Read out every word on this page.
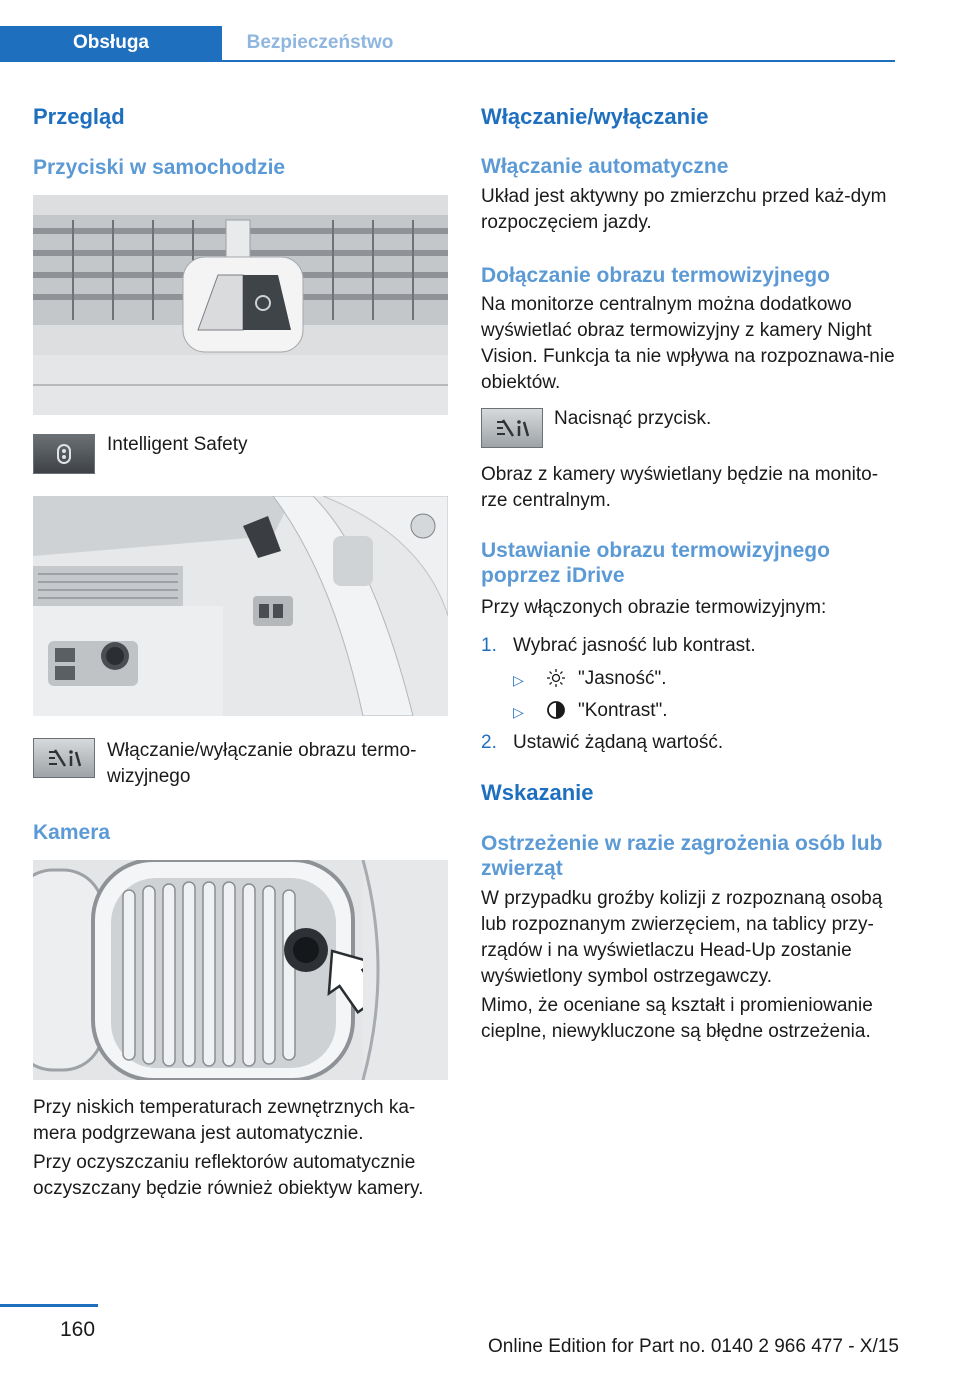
Obsługa	Bezpieczeństwo
Przegląd
Przyciski w samochodzie

Intelligent Safety

Włączanie/wyłączanie obrazu termo-wizyjnego

Kamera

Przy niskich temperaturach zewnętrznych ka-mera podgrzewana jest automatycznie.

Przy oczyszczaniu reflektorów automatycznie oczyszczany będzie również obiektyw kamery.

Włączanie/wyłączanie
Włączanie automatyczne

Układ jest aktywny po zmierzchu przed każ-dym rozpoczęciem jazdy.

Dołączanie obrazu termowizyjnego

Na monitorze centralnym można dodatkowo wyświetlać obraz termowizyjny z kamery Night Vision. Funkcja ta nie wpływa na rozpoznawa-nie obiektów.

Nacisnąć przycisk.

Obraz z kamery wyświetlany będzie na monito-rze centralnym.

Ustawianie obrazu termowizyjnego poprzez iDrive

Przy włączonych obrazie termowizyjnym:

1. Wybrać jasność lub kontrast.

▷	"Jasność".

▷	"Kontrast".

2. Ustawić żądaną wartość.

Wskazanie
Ostrzeżenie w razie zagrożenia osób lub zwierząt

W przypadku groźby kolizji z rozpoznaną osobą lub rozpoznanym zwierzęciem, na tablicy przy-rządów i na wyświetlaczu Head-Up zostanie wyświetlony symbol ostrzegawczy.

Mimo, że oceniane są kształt i promieniowanie cieplne, niewykluczone są błędne ostrzeżenia.

160
Online Edition for Part no. 0140 2 966 477 - X/15
